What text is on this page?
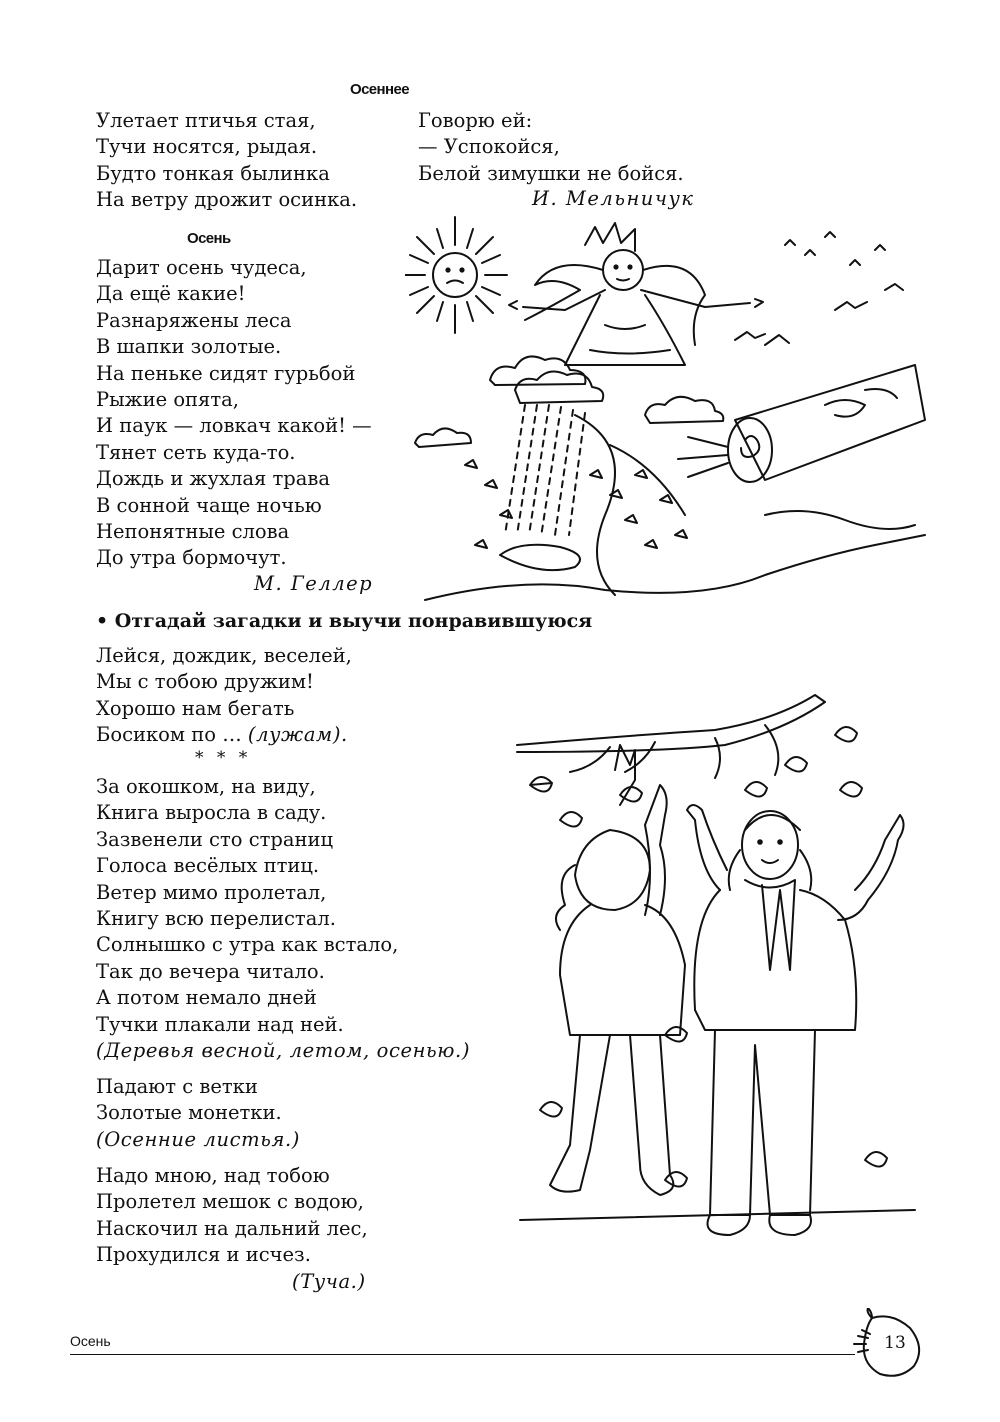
Осеннее
Улетает птичья стая,
Тучи носятся, рыдая.
Будто тонкая былинка
На ветру дрожит осинка.
Говорю ей:
— Успокойся,
Белой зимушки не бойся.
И. Мельничук
Осень
Дарит осень чудеса,
Да ещё какие!
Разнаряжены леса
В шапки золотые.
На пеньке сидят гурьбой
Рыжие опята,
И паук — ловкач какой! —
Тянет сеть куда-то.
Дождь и жухлая трава
В сонной чаще ночью
Непонятные слова
До утра бормочут.
М. Геллер
• Отгадай загадки и выучи понравившуюся
Лейся, дождик, веселей,
Мы с тобою дружим!
Хорошо нам бегать
Босиком по … (лужам).
* * *
За окошком, на виду,
Книга выросла в саду.
Зазвенели сто страниц
Голоса весёлых птиц.
Ветер мимо пролетал,
Книгу всю перелистал.
Солнышко с утра как встало,
Так до вечера читало.
А потом немало дней
Тучки плакали над ней.
(Деревья весной, летом, осенью.)
Падают с ветки
Золотые монетки.
(Осенние листья.)
Надо мною, над тобою
Пролетел мешок с водою,
Наскочил на дальний лес,
Прохудился и исчез.
(Туча.)
Осень	13
